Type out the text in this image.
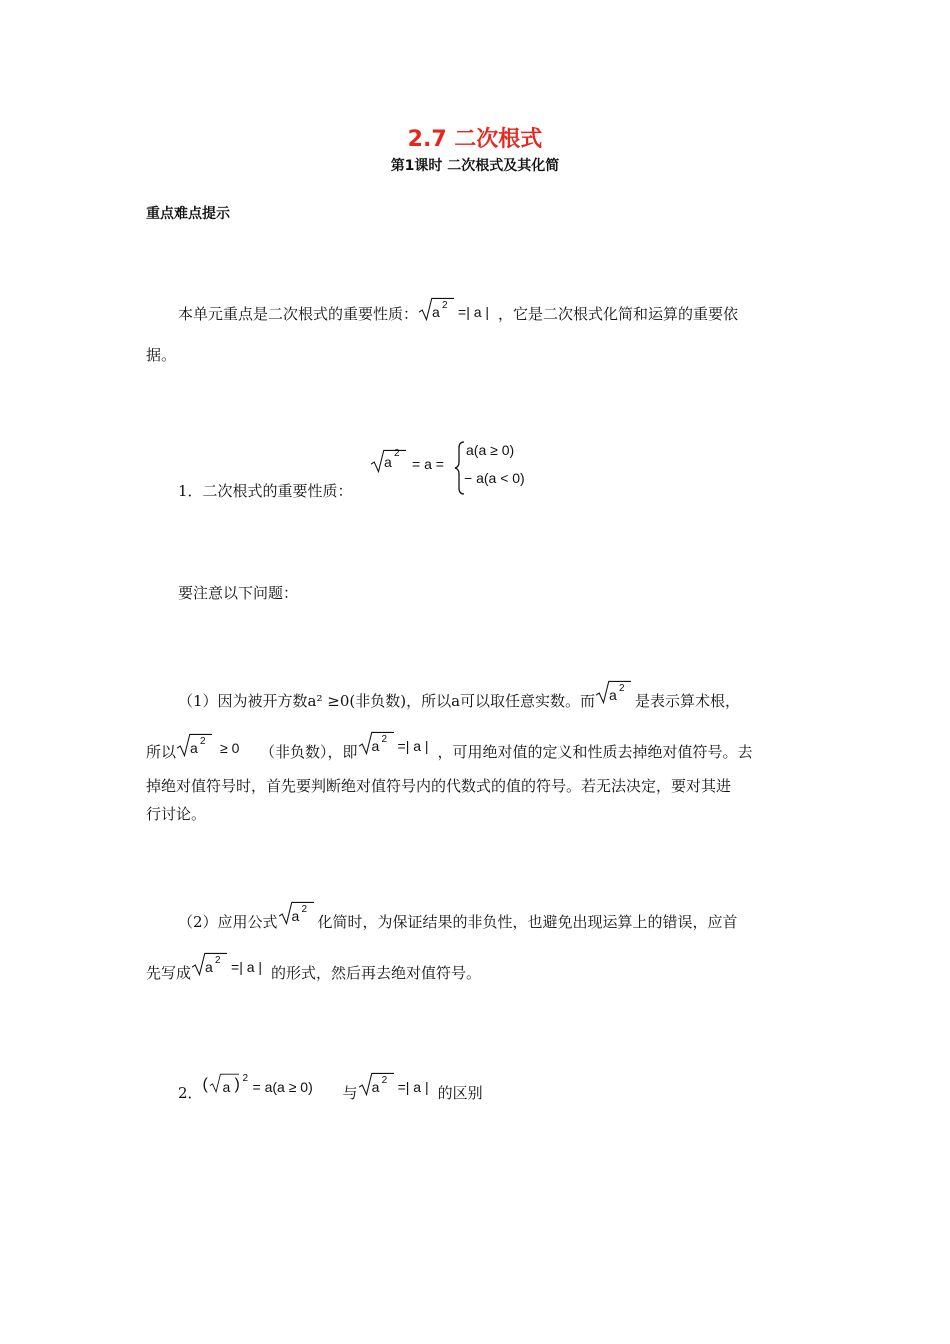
2.7 二次根式
第1课时 二次根式及其化简
重点难点提示
本单元重点是二次根式的重要性质： a 2 =| a | ，它是二次根式化简和运算的重要依
据。
1．二次根式的重要性质：
a
2
= a =
a(a ≥ 0)
− a(a < 0)
要注意以下问题：
（1）因为被开方数a² ≥0(非负数)，所以a可以取任意实数。而 a 2
是表示算术根，
所以 a 2 ≥ 0 （非负数），即 a 2 =| a | ，可用绝对值的定义和性质去掉绝对值符号。去
掉绝对值符号时，首先要判断绝对值符号内的代数式的值的符号。若无法决定，要对其进
行讨论。
（2）应用公式 a 2
化简时，为保证结果的非负性，也避免出现运算上的错误，应首
先写成 a 2 =| a | 的形式，然后再去绝对值符号。
2． ( a ) 2
= a(a ≥ 0) 与 a 2 =| a | 的区别
